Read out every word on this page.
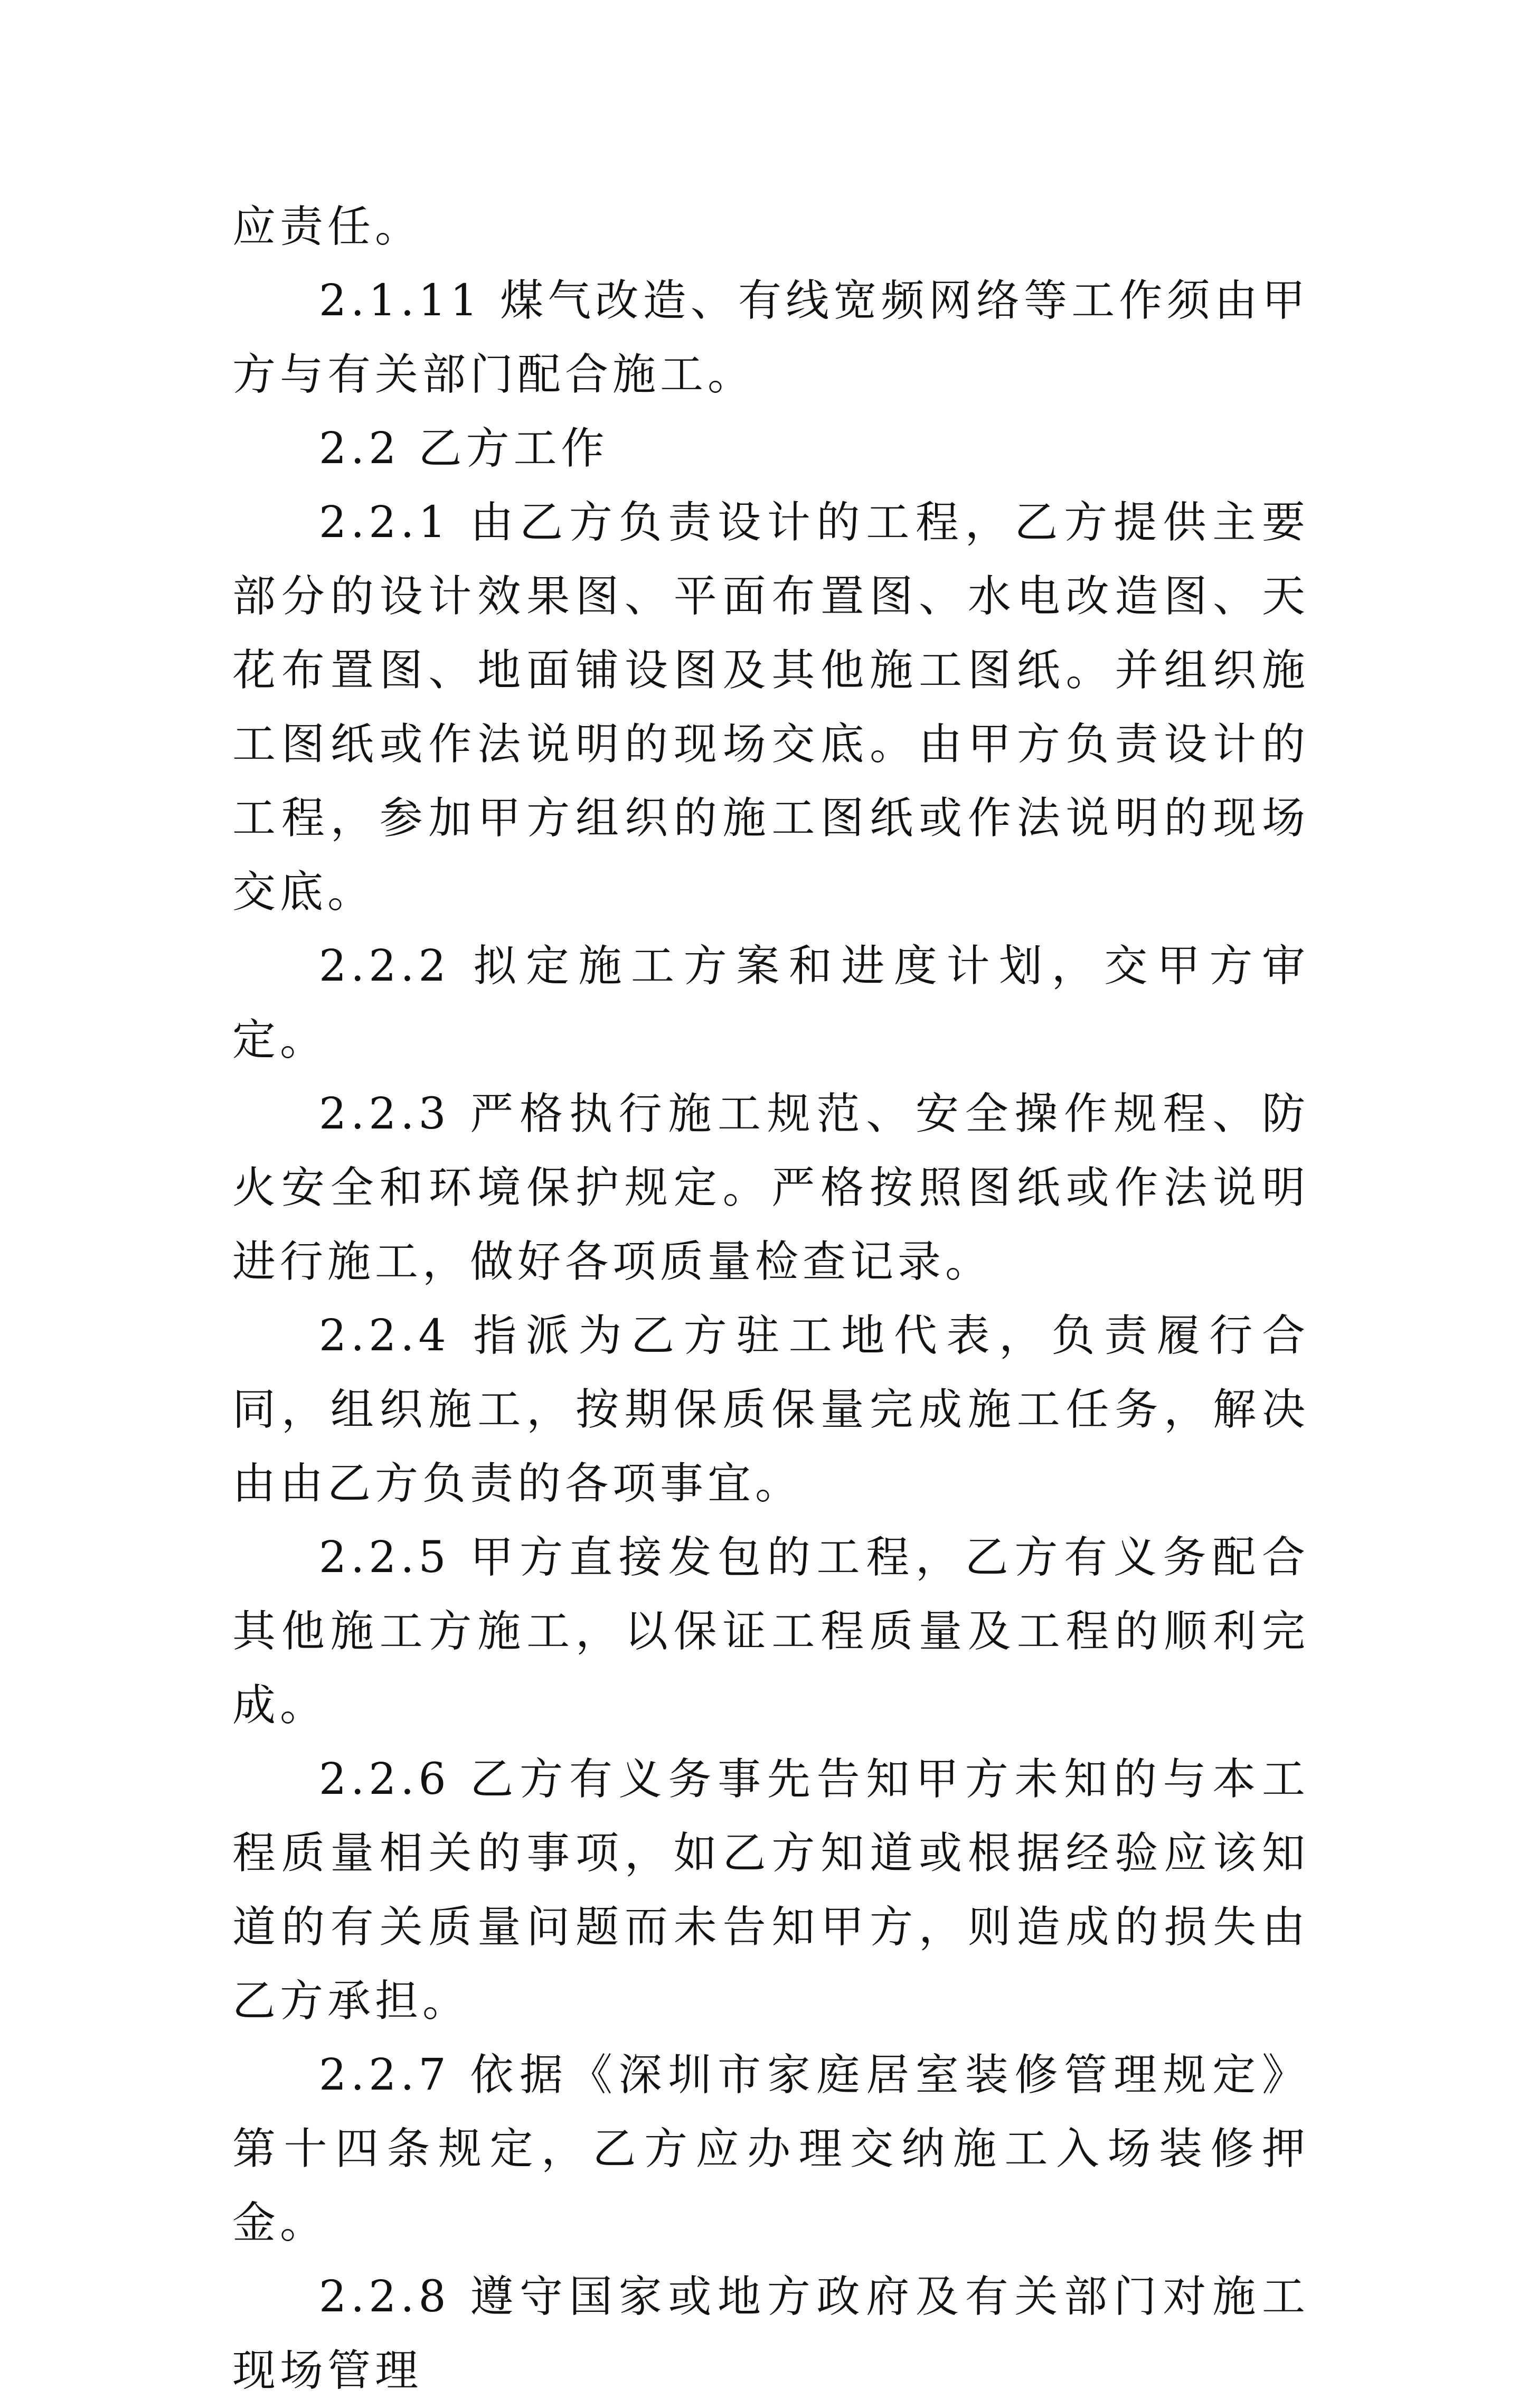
应责任。

2.1.11 煤气改造、有线宽频网络等工作须由甲方与有关部门配合施工。

2.2 乙方工作

2.2.1 由乙方负责设计的工程，乙方提供主要部分的设计效果图、平面布置图、水电改造图、天花布置图、地面铺设图及其他施工图纸。并组织施工图纸或作法说明的现场交底。由甲方负责设计的工程，参加甲方组织的施工图纸或作法说明的现场交底。

2.2.2 拟定施工方案和进度计划，交甲方审定。

2.2.3 严格执行施工规范、安全操作规程、防火安全和环境保护规定。严格按照图纸或作法说明进行施工，做好各项质量检查记录。

2.2.4 指派为乙方驻工地代表，负责履行合同，组织施工，按期保质保量完成施工任务，解决由由乙方负责的各项事宜。

2.2.5 甲方直接发包的工程，乙方有义务配合其他施工方施工，以保证工程质量及工程的顺利完成。

2.2.6 乙方有义务事先告知甲方未知的与本工程质量相关的事项，如乙方知道或根据经验应该知道的有关质量问题而未告知甲方，则造成的损失由乙方承担。

2.2.7 依据《深圳市家庭居室装修管理规定》第十四条规定，乙方应办理交纳施工入场装修押金。

2.2.8 遵守国家或地方政府及有关部门对施工现场管理
